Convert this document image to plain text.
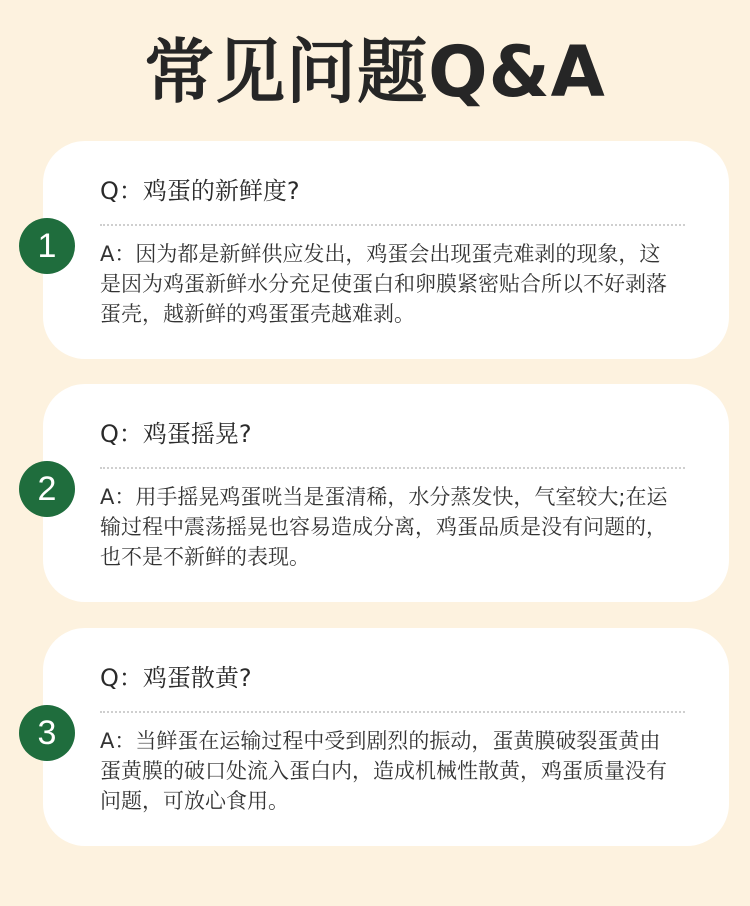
常见问题Q&A
1
Q：鸡蛋的新鲜度?

A：因为都是新鲜供应发出，鸡蛋会出现蛋壳难剥的现象，这
是因为鸡蛋新鲜水分充足使蛋白和卵膜紧密贴合所以不好剥落
蛋壳，越新鲜的鸡蛋蛋壳越难剥。

2
Q：鸡蛋摇晃?

A：用手摇晃鸡蛋咣当是蛋清稀，水分蒸发快，气室较大;在运
输过程中震荡摇晃也容易造成分离，鸡蛋品质是没有问题的，
也不是不新鲜的表现。

3
Q：鸡蛋散黄?

A：当鲜蛋在运输过程中受到剧烈的振动，蛋黄膜破裂蛋黄由
蛋黄膜的破口处流入蛋白内，造成机械性散黄，鸡蛋质量没有
问题，可放心食用。
